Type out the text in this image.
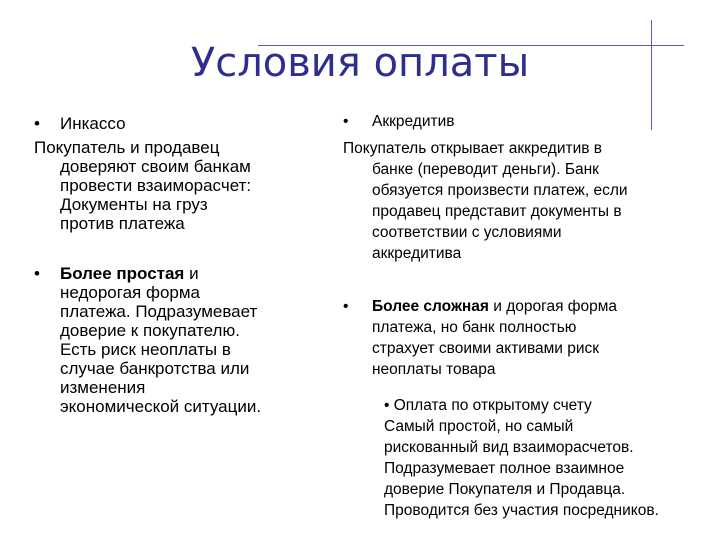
Условия оплаты
• Инкассо
Покупатель и продавец
доверяют своим банкам
провести взаиморасчет:
Документы на груз
против платежа
• Более простая и
недорогая форма
платежа. Подразумевает
доверие к покупателю.
Есть риск неоплаты в
случае банкротства или
изменения
экономической ситуации.
• Аккредитив
Покупатель открывает аккредитив в
банке (переводит деньги). Банк
обязуется произвести платеж, если
продавец представит документы в
соответствии с условиями
аккредитива
• Более сложная и дорогая форма
платежа, но банк полностью
страхует своими активами риск
неоплаты товара
• Оплата по открытому счету
Самый простой, но самый
рискованный вид взаиморасчетов.
Подразумевает полное взаимное
доверие Покупателя и Продавца.
Проводится без участия посредников.
